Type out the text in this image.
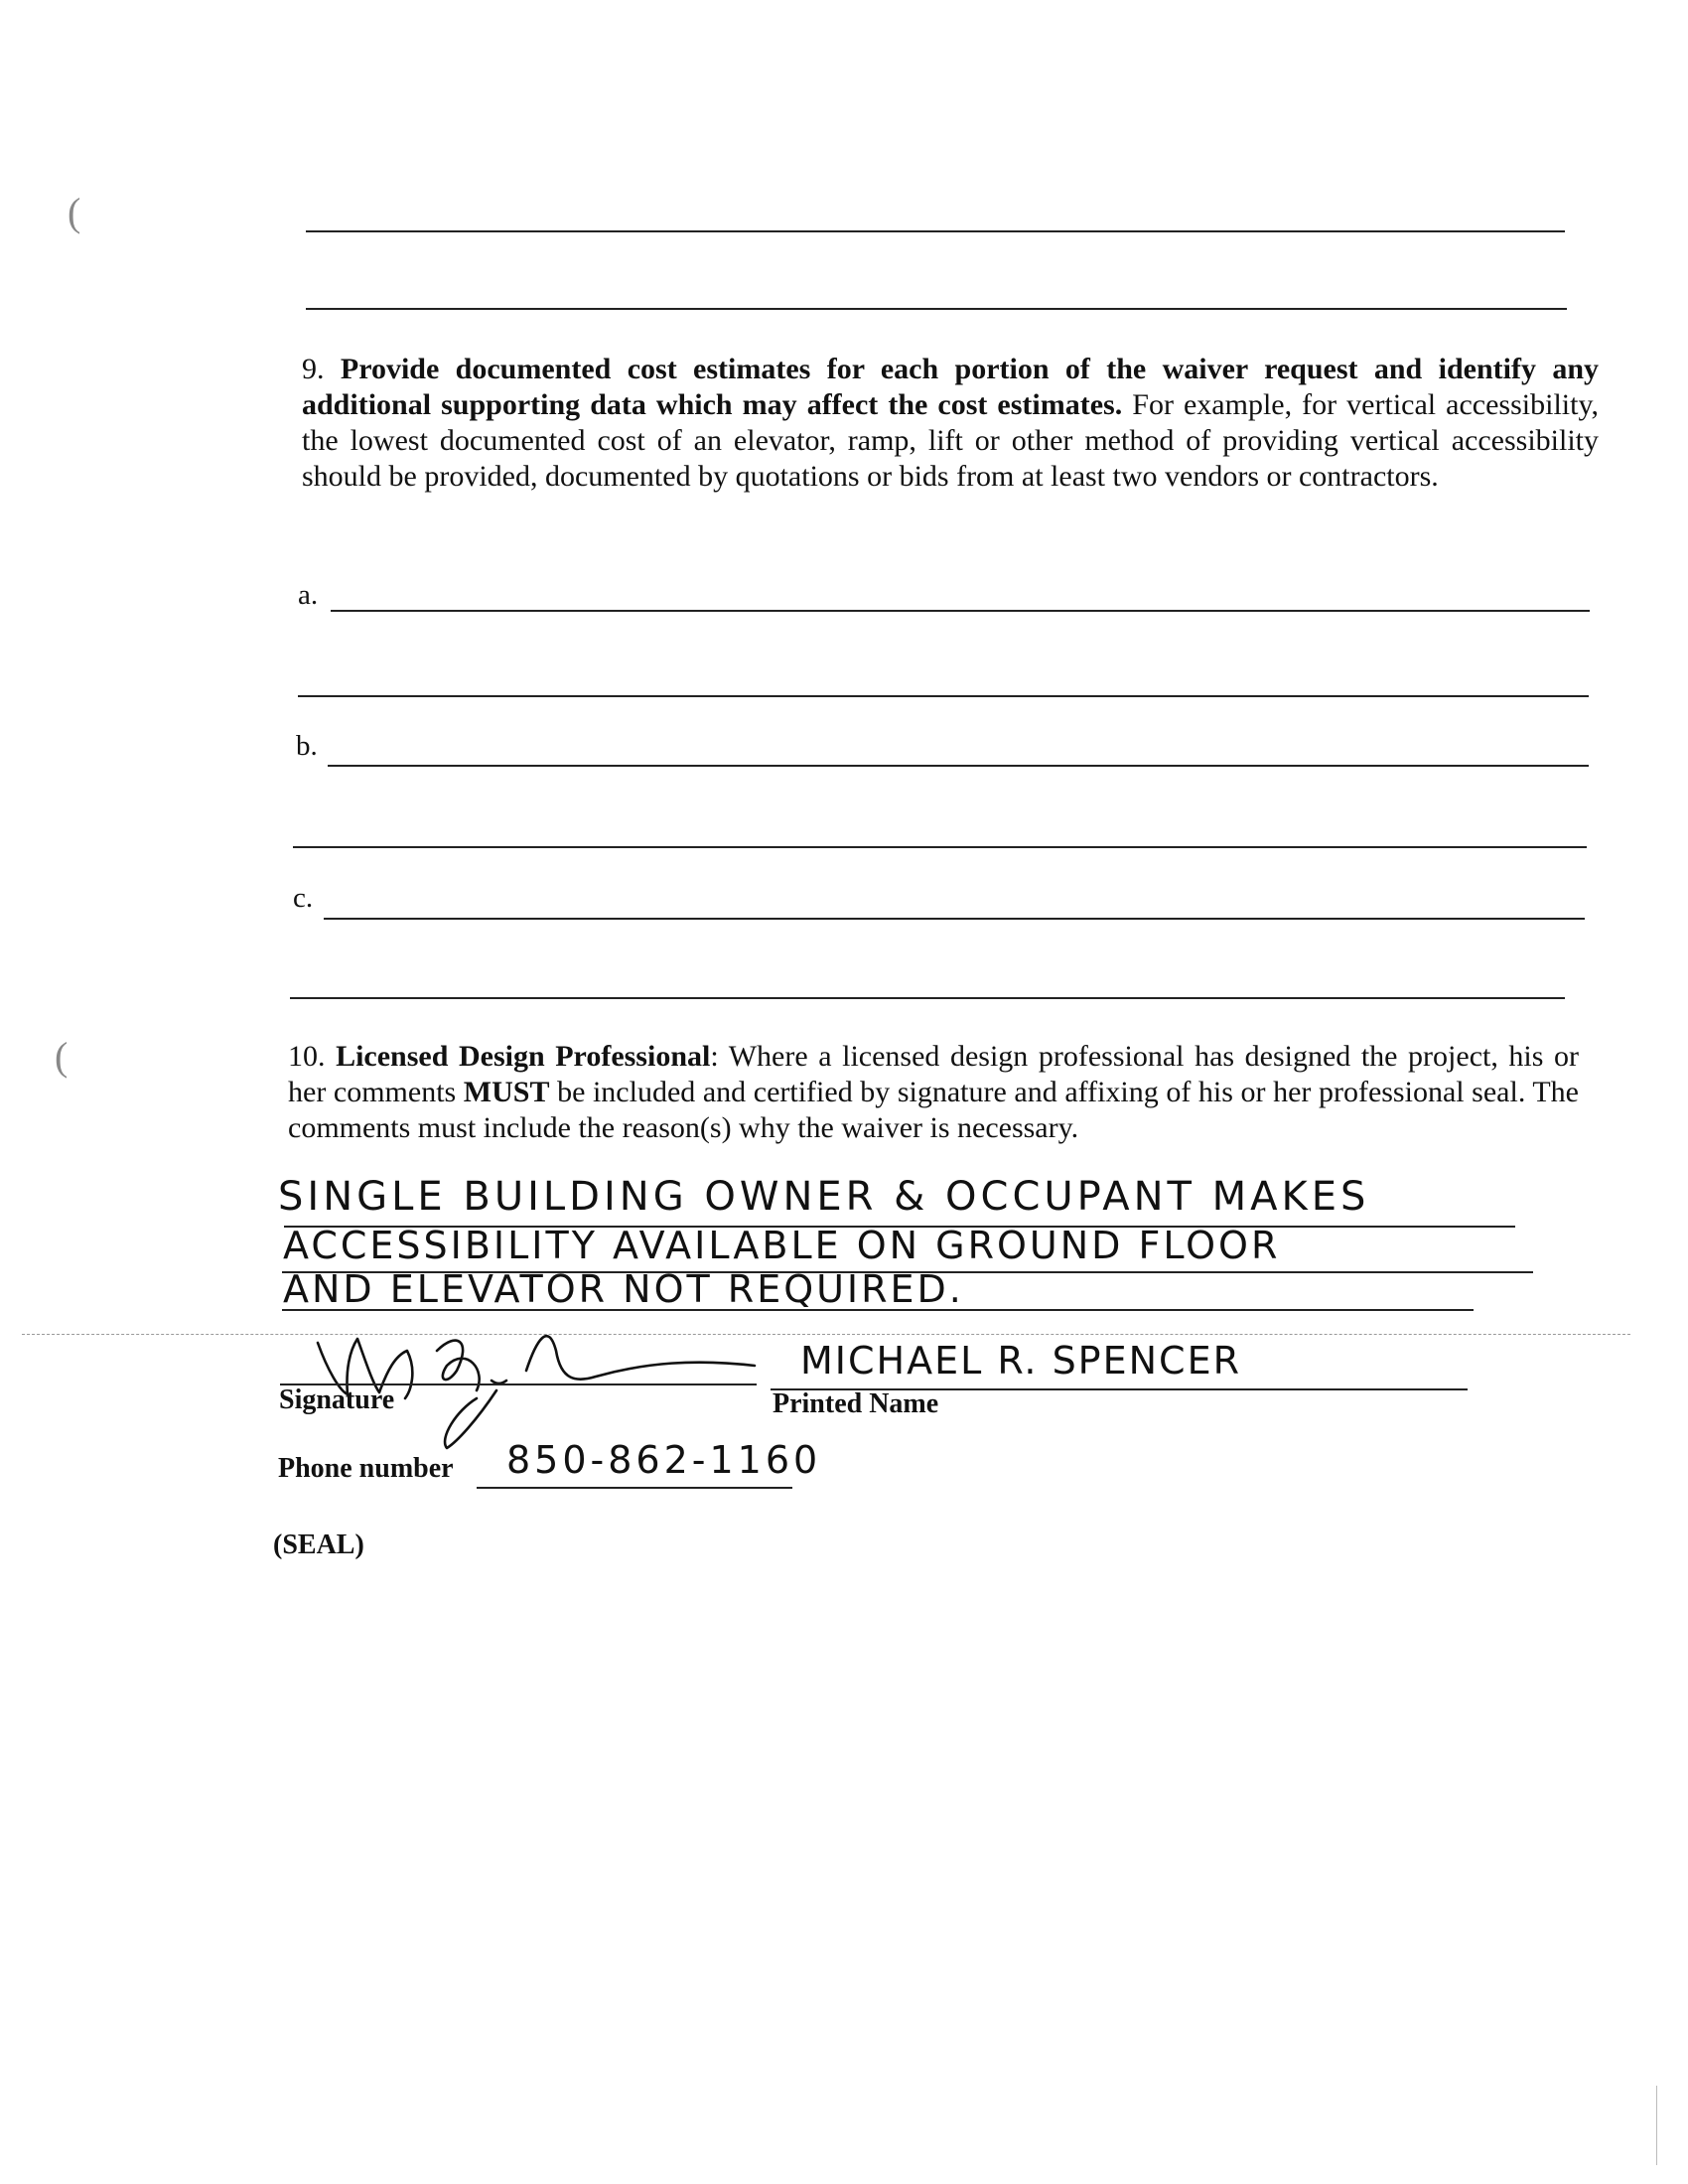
(
(

9. Provide documented cost estimates for each portion of the waiver request and identify any additional supporting data which may affect the cost estimates. For example, for vertical accessibility, the lowest documented cost of an elevator, ramp, lift or other method of providing vertical accessibility should be provided, documented by quotations or bids from at least two vendors or contractors.

a.
b.
c.

10. Licensed Design Professional: Where a licensed design professional has designed the project, his or her comments MUST be included and certified by signature and affixing of his or her professional seal. The comments must include the reason(s) why the waiver is necessary.

SINGLE BUILDING OWNER & OCCUPANT MAKES
ACCESSIBILITY AVAILABLE ON GROUND FLOOR
AND ELEVATOR NOT REQUIRED.
Signature
MICHAEL R. SPENCER
Printed Name
Phone number 850-862-1160
(SEAL)
